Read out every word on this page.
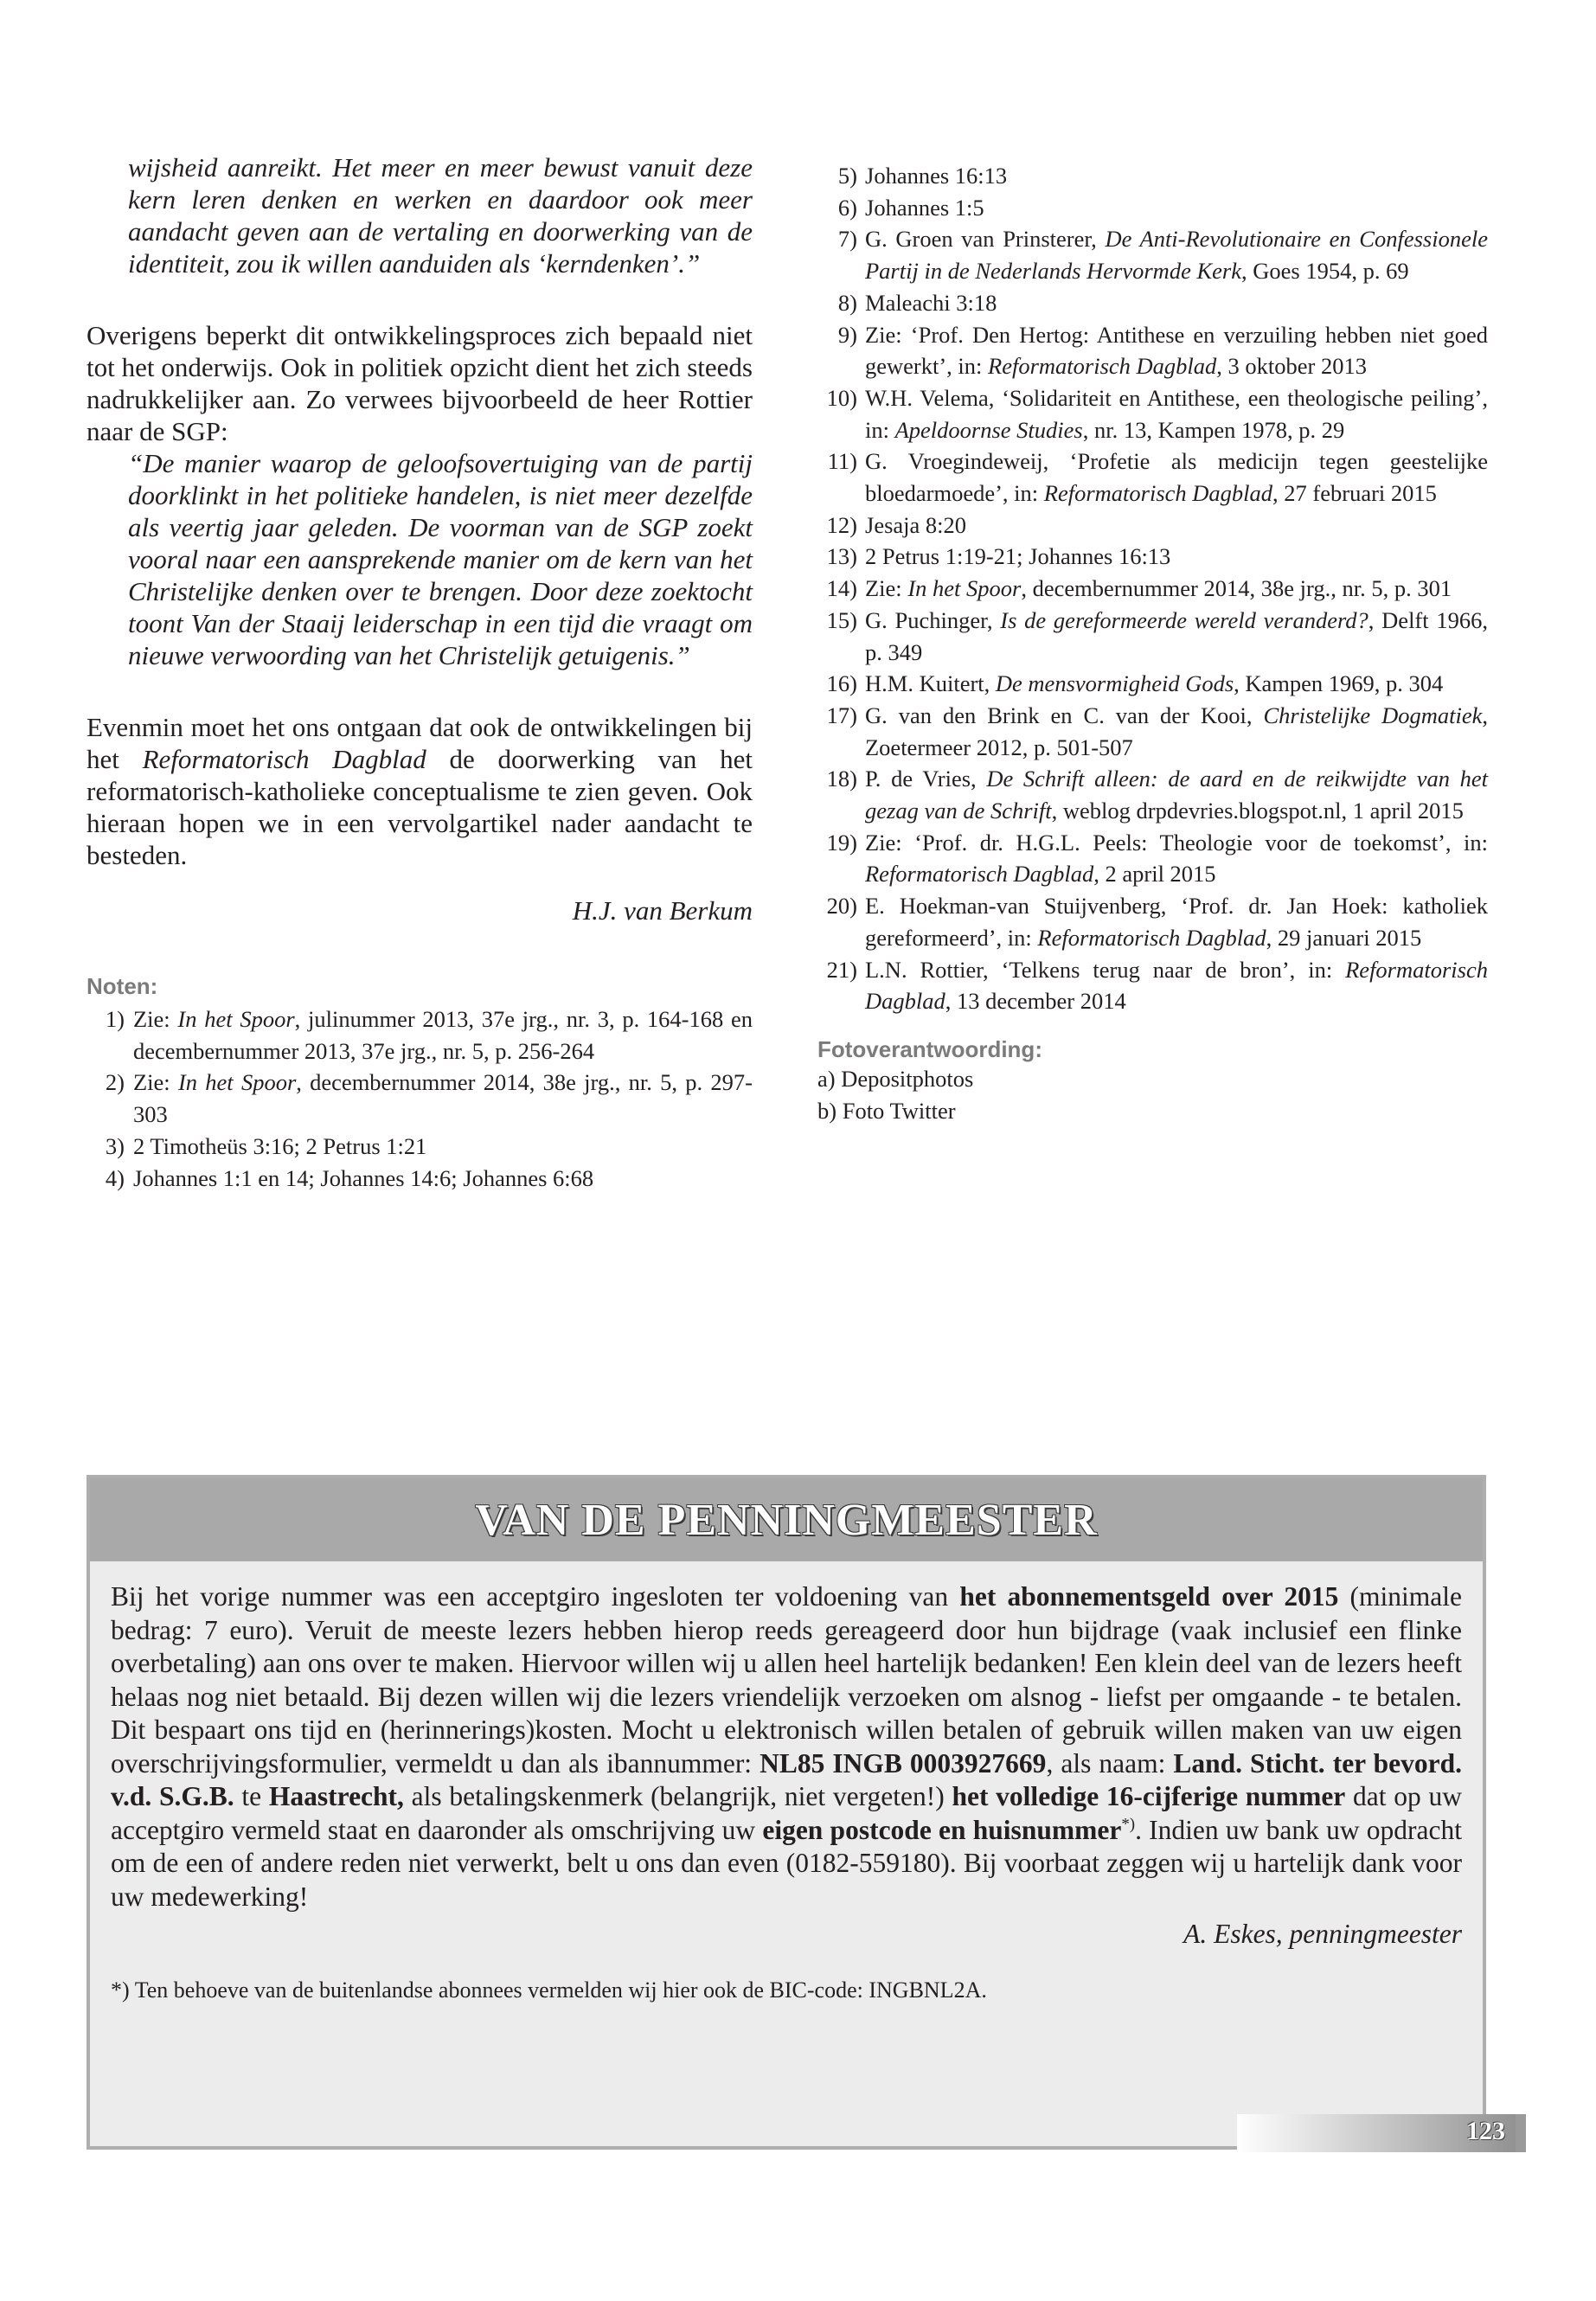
wijsheid aanreikt. Het meer en meer bewust vanuit deze kern leren denken en werken en daardoor ook meer aandacht geven aan de vertaling en doorwerking van de identiteit, zou ik willen aanduiden als ‘kerndenken’.”

Overigens beperkt dit ontwikkelingsproces zich bepaald niet tot het onderwijs. Ook in politiek opzicht dient het zich steeds nadrukkelijker aan. Zo verwees bijvoorbeeld de heer Rottier naar de SGP:

“De manier waarop de geloofsovertuiging van de partij doorklinkt in het politieke handelen, is niet meer dezelfde als veertig jaar geleden. De voorman van de SGP zoekt vooral naar een aansprekende manier om de kern van het Christelijke denken over te brengen. Door deze zoektocht toont Van der Staaij leiderschap in een tijd die vraagt om nieuwe verwoording van het Christelijk getuigenis.”

Evenmin moet het ons ontgaan dat ook de ontwikkelingen bij het Reformatorisch Dagblad de doorwerking van het reformatorisch-katholieke conceptualisme te zien geven. Ook hieraan hopen we in een vervolgartikel nader aandacht te besteden.

H.J. van Berkum
Noten:
1) Zie: In het Spoor, julinummer 2013, 37e jrg., nr. 3, p. 164-168 en decembernummer 2013, 37e jrg., nr. 5, p. 256-264
2) Zie: In het Spoor, decembernummer 2014, 38e jrg., nr. 5, p. 297-303
3) 2 Timotheüs 3:16; 2 Petrus 1:21
4) Johannes 1:1 en 14; Johannes 14:6; Johannes 6:68
5) Johannes 16:13
6) Johannes 1:5
7) G. Groen van Prinsterer, De Anti-Revolutionaire en Confessionele Partij in de Nederlands Hervormde Kerk, Goes 1954, p. 69
8) Maleachi 3:18
9) Zie: ‘Prof. Den Hertog: Antithese en verzuiling hebben niet goed gewerkt’, in: Reformatorisch Dagblad, 3 oktober 2013
10) W.H. Velema, ‘Solidariteit en Antithese, een theologische peiling’, in: Apeldoornse Studies, nr. 13, Kampen 1978, p. 29
11) G. Vroegindeweij, ‘Profetie als medicijn tegen geestelijke bloedarmoede’, in: Reformatorisch Dagblad, 27 februari 2015
12) Jesaja 8:20
13) 2 Petrus 1:19-21; Johannes 16:13
14) Zie: In het Spoor, decembernummer 2014, 38e jrg., nr. 5, p. 301
15) G. Puchinger, Is de gereformeerde wereld veranderd?, Delft 1966, p. 349
16) H.M. Kuitert, De mensvormigheid Gods, Kampen 1969, p. 304
17) G. van den Brink en C. van der Kooi, Christelijke Dogmatiek, Zoetermeer 2012, p. 501-507
18) P. de Vries, De Schrift alleen: de aard en de reikwijdte van het gezag van de Schrift, weblog drpdevries.blogspot.nl, 1 april 2015
19) Zie: ‘Prof. dr. H.G.L. Peels: Theologie voor de toekomst’, in: Reformatorisch Dagblad, 2 april 2015
20) E. Hoekman-van Stuijvenberg, ‘Prof. dr. Jan Hoek: katholiek gereformeerd’, in: Reformatorisch Dagblad, 29 januari 2015
21) L.N. Rottier, ‘Telkens terug naar de bron’, in: Reformatorisch Dagblad, 13 december 2014
Fotoverantwoording:
a) Depositphotos
b) Foto Twitter
VAN DE PENNINGMEESTER

Bij het vorige nummer was een acceptgiro ingesloten ter voldoening van het abonnementsgeld over 2015 (minimale bedrag: 7 euro). Veruit de meeste lezers hebben hierop reeds gereageerd door hun bijdrage (vaak inclusief een flinke overbetaling) aan ons over te maken. Hiervoor willen wij u allen heel hartelijk bedanken! Een klein deel van de lezers heeft helaas nog niet betaald. Bij dezen willen wij die lezers vriendelijk verzoeken om alsnog - liefst per omgaande - te betalen. Dit bespaart ons tijd en (herinnerings)kosten. Mocht u elektronisch willen betalen of gebruik willen maken van uw eigen overschrijvingsformulier, vermeldt u dan als ibannummer: NL85 INGB 0003927669, als naam: Land. Sticht. ter bevord. v.d. S.G.B. te Haastrecht, als betalingskenmerk (belangrijk, niet vergeten!) het volledige 16-cijferige nummer dat op uw acceptgiro vermeld staat en daaronder als omschrijving uw eigen postcode en huisnummer*). Indien uw bank uw opdracht om de een of andere reden niet verwerkt, belt u ons dan even (0182-559180). Bij voorbaat zeggen wij u hartelijk dank voor uw medewerking!

A. Eskes, penningmeester
*) Ten behoeve van de buitenlandse abonnees vermelden wij hier ook de BIC-code: INGBNL2A.
123
